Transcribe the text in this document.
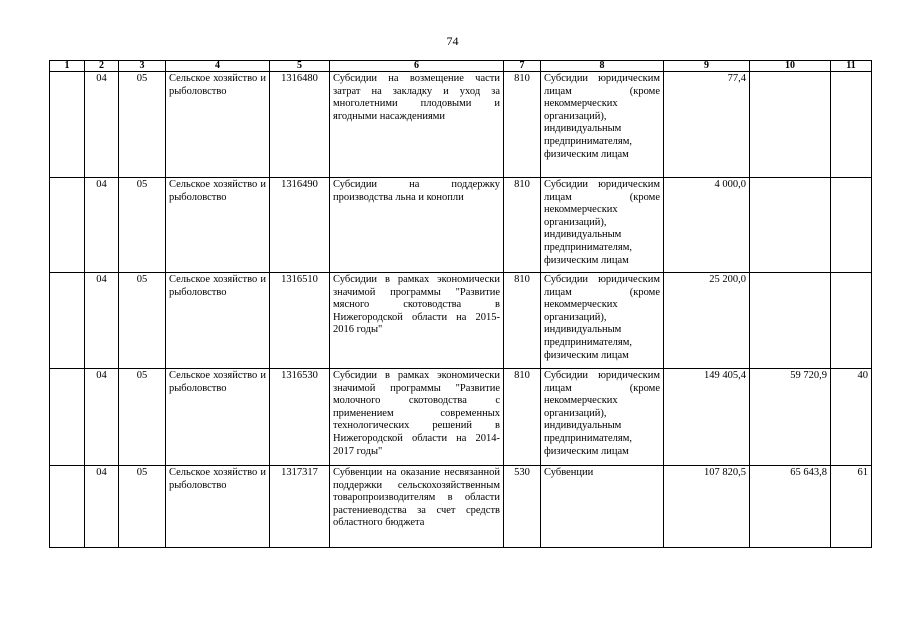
74
1	2	3	4	5	6	7	8	9	10	11
	04	05	Сельское хозяйство и рыболовство	1316480	Субсидии на возмещение части затрат на закладку и уход за многолетними плодовыми и ягодными насаждениями	810	Субсидии юридическим лицам (кроме некоммерческих организаций), индивидуальным предпринимателям, физическим лицам	77,4		
	04	05	Сельское хозяйство и рыболовство	1316490	Субсидии на поддержку производства льна и конопли	810	Субсидии юридическим лицам (кроме некоммерческих организаций), индивидуальным предпринимателям, физическим лицам	4 000,0		
	04	05	Сельское хозяйство и рыболовство	1316510	Субсидии в рамках экономически значимой программы "Развитие мясного скотоводства в Нижегородской области на 2015-2016 годы"	810	Субсидии юридическим лицам (кроме некоммерческих организаций), индивидуальным предпринимателям, физическим лицам	25 200,0		
	04	05	Сельское хозяйство и рыболовство	1316530	Субсидии в рамках экономически значимой программы "Развитие молочного скотоводства с применением современных технологических решений в Нижегородской области на 2014-2017 годы"	810	Субсидии юридическим лицам (кроме некоммерческих организаций), индивидуальным предпринимателям, физическим лицам	149 405,4	59 720,9	40
	04	05	Сельское хозяйство и рыболовство	1317317	Субвенции на оказание несвязанной поддержки сельскохозяйственным товаропроизводителям в области растениеводства за счет средств областного бюджета	530	Субвенции	107 820,5	65 643,8	61
